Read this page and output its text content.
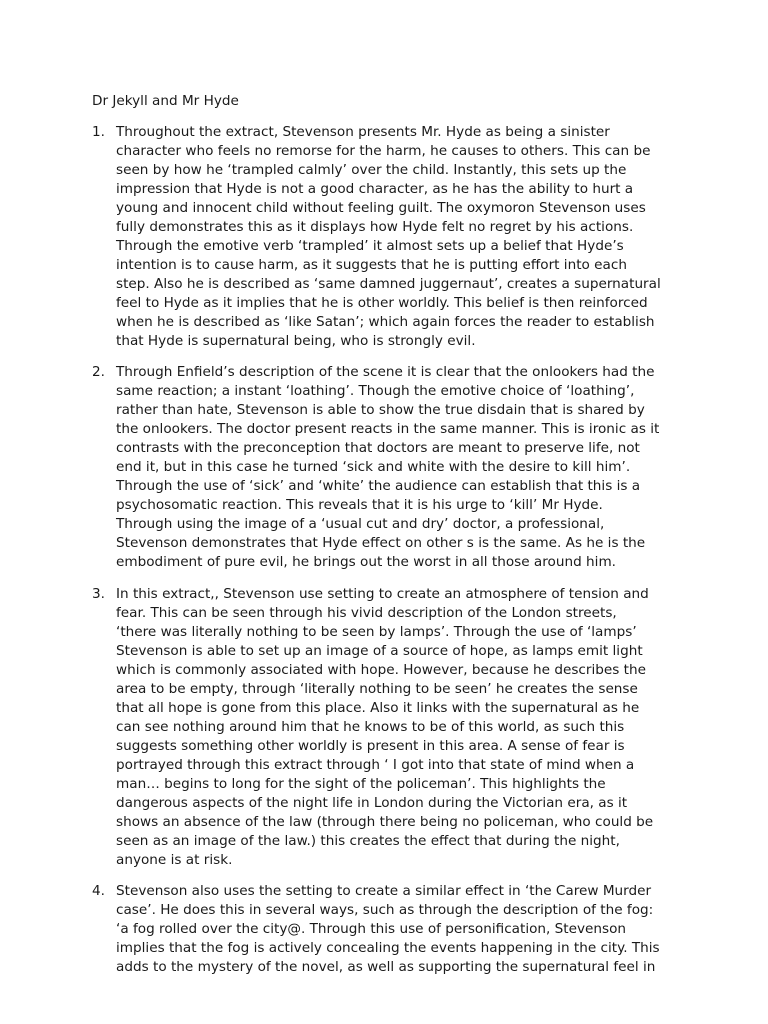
Dr Jekyll and Mr Hyde
1. Throughout the extract, Stevenson presents Mr. Hyde as being a sinister
character who feels no remorse for the harm, he causes to others. This can be
seen by how he ‘trampled calmly’ over the child. Instantly, this sets up the
impression that Hyde is not a good character, as he has the ability to hurt a
young and innocent child without feeling guilt. The oxymoron Stevenson uses
fully demonstrates this as it displays how Hyde felt no regret by his actions.
Through the emotive verb ‘trampled’ it almost sets up a belief that Hyde’s
intention is to cause harm, as it suggests that he is putting effort into each
step. Also he is described as ‘same damned juggernaut’, creates a supernatural
feel to Hyde as it implies that he is other worldly. This belief is then reinforced
when he is described as ‘like Satan’; which again forces the reader to establish
that Hyde is supernatural being, who is strongly evil.

2. Through Enfield’s description of the scene it is clear that the onlookers had the
same reaction; a instant ‘loathing’. Though the emotive choice of ‘loathing’,
rather than hate, Stevenson is able to show the true disdain that is shared by
the onlookers. The doctor present reacts in the same manner. This is ironic as it
contrasts with the preconception that doctors are meant to preserve life, not
end it, but in this case he turned ‘sick and white with the desire to kill him’.
Through the use of ‘sick’ and ‘white’ the audience can establish that this is a
psychosomatic reaction. This reveals that it is his urge to ‘kill’ Mr Hyde.
Through using the image of a ‘usual cut and dry’ doctor, a professional,
Stevenson demonstrates that Hyde effect on other s is the same. As he is the
embodiment of pure evil, he brings out the worst in all those around him.

3. In this extract,, Stevenson use setting to create an atmosphere of tension and
fear. This can be seen through his vivid description of the London streets,
‘there was literally nothing to be seen by lamps’. Through the use of ‘lamps’
Stevenson is able to set up an image of a source of hope, as lamps emit light
which is commonly associated with hope. However, because he describes the
area to be empty, through ‘literally nothing to be seen’ he creates the sense
that all hope is gone from this place. Also it links with the supernatural as he
can see nothing around him that he knows to be of this world, as such this
suggests something other worldly is present in this area. A sense of fear is
portrayed through this extract through ‘ I got into that state of mind when a
man… begins to long for the sight of the policeman’. This highlights the
dangerous aspects of the night life in London during the Victorian era, as it
shows an absence of the law (through there being no policeman, who could be
seen as an image of the law.) this creates the effect that during the night,
anyone is at risk.

4. Stevenson also uses the setting to create a similar effect in ‘the Carew Murder
case’. He does this in several ways, such as through the description of the fog:
‘a fog rolled over the city@. Through this use of personification, Stevenson
implies that the fog is actively concealing the events happening in the city. This
adds to the mystery of the novel, as well as supporting the supernatural feel in
